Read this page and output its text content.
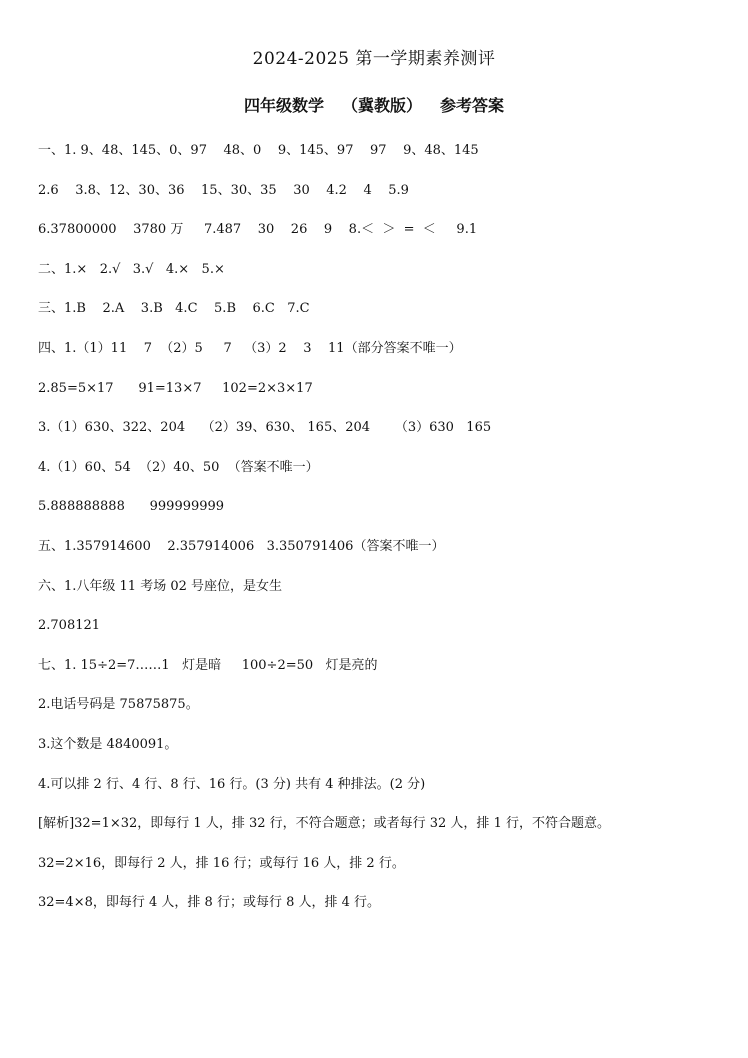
2024-2025 第一学期素养测评
四年级数学 （冀教版） 参考答案
一、1. 9、48、145、0、97    48、0    9、145、97    97    9、48、145
2.6    3.8、12、30、36    15、30、35    30    4.2    4    5.9
6.37800000    3780 万     7.487    30    26    9    8.＜  ＞  =  ＜     9.1
二、1.×   2.√   3.√   4.×   5.×
三、1.B    2.A    3.B   4.C    5.B    6.C   7.C
四、1.（1）11    7  （2）5     7   （3）2    3    11（部分答案不唯一）
2.85=5×17      91=13×7     102=2×3×17
3.（1）630、322、204    （2）39、630、 165、204      （3）630   165
4.（1）60、54  （2）40、50  （答案不唯一）
5.888888888      999999999
五、1.357914600    2.357914006   3.350791406（答案不唯一）
六、1.八年级 11 考场 02 号座位，是女生
2.708121
七、1. 15÷2=7……1   灯是暗     100÷2=50   灯是亮的
2.电话号码是 75875875。
3.这个数是 4840091。
4.可以排 2 行、4 行、8 行、16 行。(3 分) 共有 4 种排法。(2 分)
[解析]32=1×32，即每行 1 人，排 32 行，不符合题意；或者每行 32 人，排 1 行，不符合题意。
32=2×16，即每行 2 人，排 16 行；或每行 16 人，排 2 行。
32=4×8，即每行 4 人，排 8 行；或每行 8 人，排 4 行。
